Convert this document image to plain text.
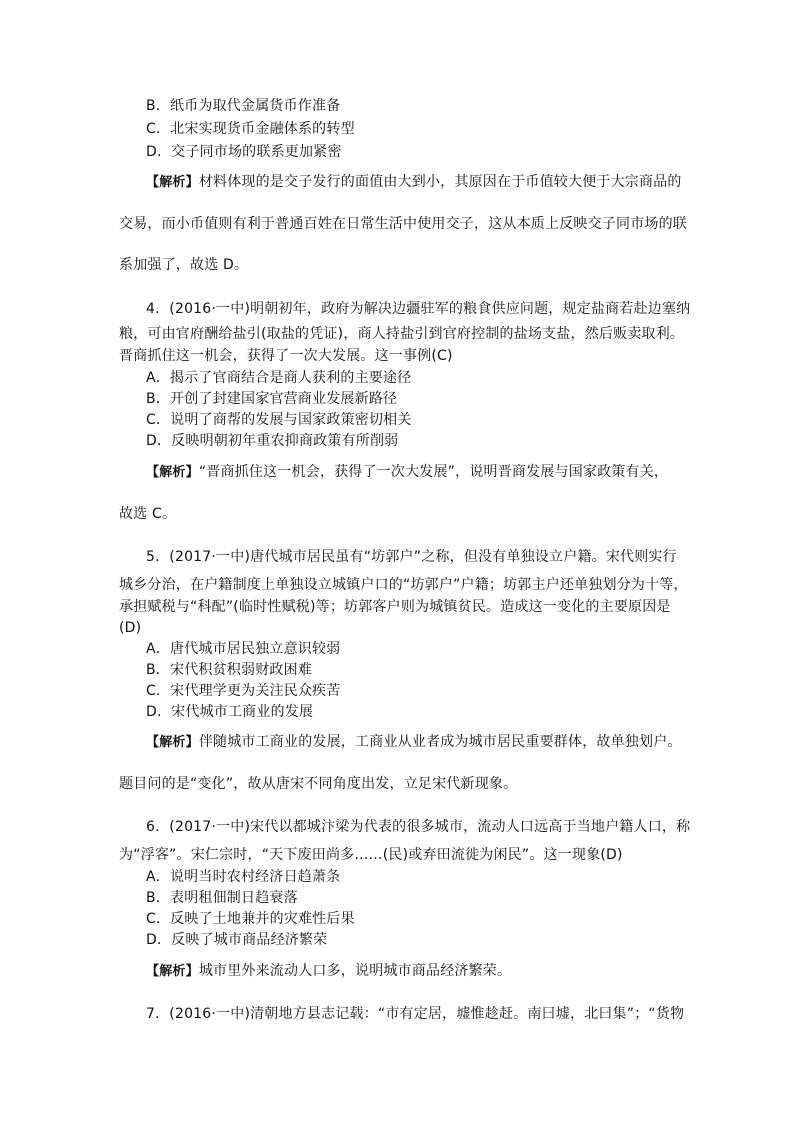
B．纸币为取代金属货币作准备
C．北宋实现货币金融体系的转型
D．交子同市场的联系更加紧密
【解析】材料体现的是交子发行的面值由大到小，其原因在于币值较大便于大宗商品的
交易，而小币值则有利于普通百姓在日常生活中使用交子，这从本质上反映交子同市场的联
系加强了，故选 D。
4．(2016·一中)明朝初年，政府为解决边疆驻军的粮食供应问题，规定盐商若赴边塞纳
粮，可由官府酬给盐引(取盐的凭证)，商人持盐引到官府控制的盐场支盐，然后贩卖取利。
晋商抓住这一机会，获得了一次大发展。这一事例(C)
A．揭示了官商结合是商人获利的主要途径
B．开创了封建国家官营商业发展新路径
C．说明了商帮的发展与国家政策密切相关
D．反映明朝初年重农抑商政策有所削弱
【解析】“晋商抓住这一机会，获得了一次大发展”，说明晋商发展与国家政策有关，
故选 C。
5．(2017·一中)唐代城市居民虽有“坊郭户”之称，但没有单独设立户籍。宋代则实行
城乡分治，在户籍制度上单独设立城镇户口的“坊郭户”户籍；坊郭主户还单独划分为十等，
承担赋税与“科配”(临时性赋税)等；坊郭客户则为城镇贫民。造成这一变化的主要原因是
(D)
A．唐代城市居民独立意识较弱
B．宋代积贫积弱财政困难
C．宋代理学更为关注民众疾苦
D．宋代城市工商业的发展
【解析】伴随城市工商业的发展，工商业从业者成为城市居民重要群体，故单独划户。
题目问的是“变化”，故从唐宋不同角度出发，立足宋代新现象。
6．(2017·一中)宋代以都城汴梁为代表的很多城市，流动人口远高于当地户籍人口，称
为“浮客”。宋仁宗时，“天下废田尚多……(民)或弃田流徙为闲民”。这一现象(D)
A．说明当时农村经济日趋萧条
B．表明租佃制日趋衰落
C．反映了土地兼并的灾难性后果
D．反映了城市商品经济繁荣
【解析】城市里外来流动人口多，说明城市商品经济繁荣。
7．(2016·一中)清朝地方县志记载：“市有定居，墟惟趁赶。南曰墟，北曰集”；“货物
